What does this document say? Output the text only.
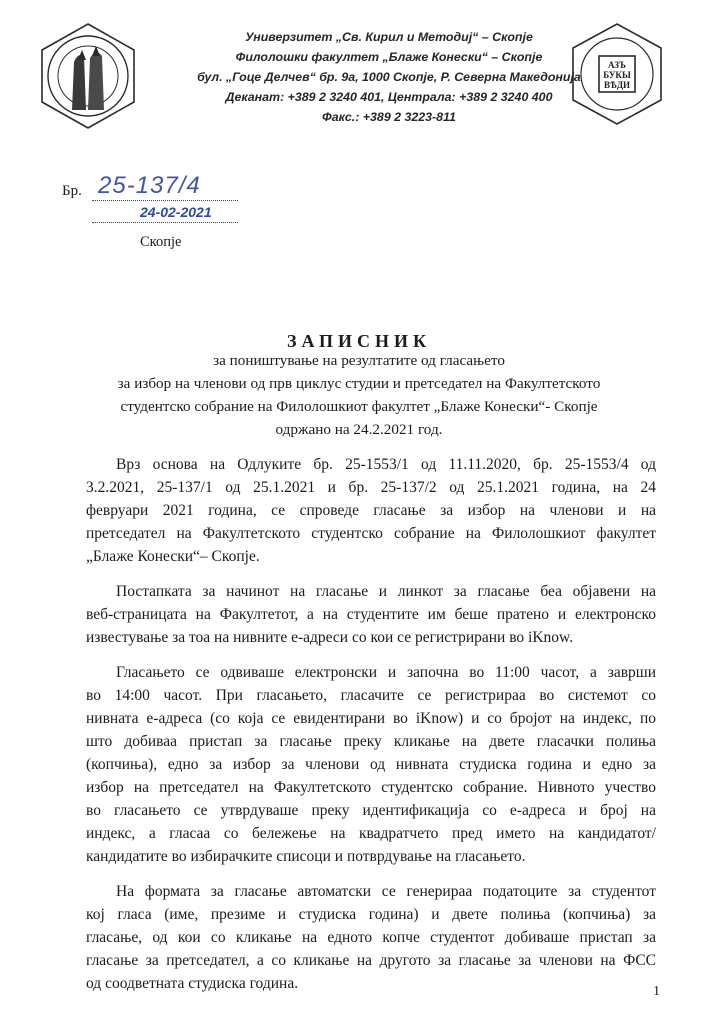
АЗЪ
БУКЫ
ВѢДИ
Универзитет „Св. Кирил и Методиј“ – Скопје
Филолошки факултет „Блаже Конески“ – Скопје
бул. „Гоце Делчев“ бр. 9а, 1000 Скопје, Р. Северна Македонија
Деканат: +389 2 3240 401, Централа: +389 2 3240 400
Факс.: +389 2 3223-811
Бр. 25-137/4
24-02-2021
Скопје
ЗАПИСНИК
за поништување на резултатите од гласањето
за избор на членови од прв циклус студии и претседател на Факултетското
студентско собрание на Филолошкиот факултет „Блаже Конески“- Скопје
одржано на 24.2.2021 год.
Врз основа на Одлуките бр. 25-1553/1 од 11.11.2020, бр. 25-1553/4 од
3.2.2021, 25-137/1 од 25.1.2021 и бр. 25-137/2 од 25.1.2021 година, на 24
февруари 2021 година, се спроведе гласање за избор на членови и на
претседател на Факултетското студентско собрание на Филолошкиот факултет
„Блаже Конески“– Скопје.
Постапката за начинот на гласање и линкот за гласање беа објавени на
веб-страницата на Факултетот, а на студентите им беше пратено и електронско
известување за тоа на нивните е-адреси со кои се регистрирани во iKnow.
Гласањето се одвиваше електронски и започна во 11:00 часот, а заврши
во 14:00 часот. При гласањето, гласачите се регистрираа во системот со
нивната е-адреса (со која се евидентирани во iKnow) и со бројот на индекс, по
што добиваа пристап за гласање преку кликање на двете гласачки полиња
(копчиња), едно за избор за членови од нивната студиска година и едно за
избор на претседател на Факултетското студентско собрание. Нивното учество
во гласањето се утврдуваше преку идентификација со е-адреса и број на
индекс, а гласаа со бележење на квадратчето пред името на кандидатот/
кандидатите во избирачките списоци и потврдување на гласањето.
На формата за гласање автоматски се генерираа податоците за студентот
кој гласа (име, презиме и студиска година) и двете полиња (копчиња) за
гласање, од кои со кликање на едното копче студентот добиваше пристап за
гласање за претседател, а со кликање на другото за гласање за членови на ФСС
од соодветната студиска година.	1
